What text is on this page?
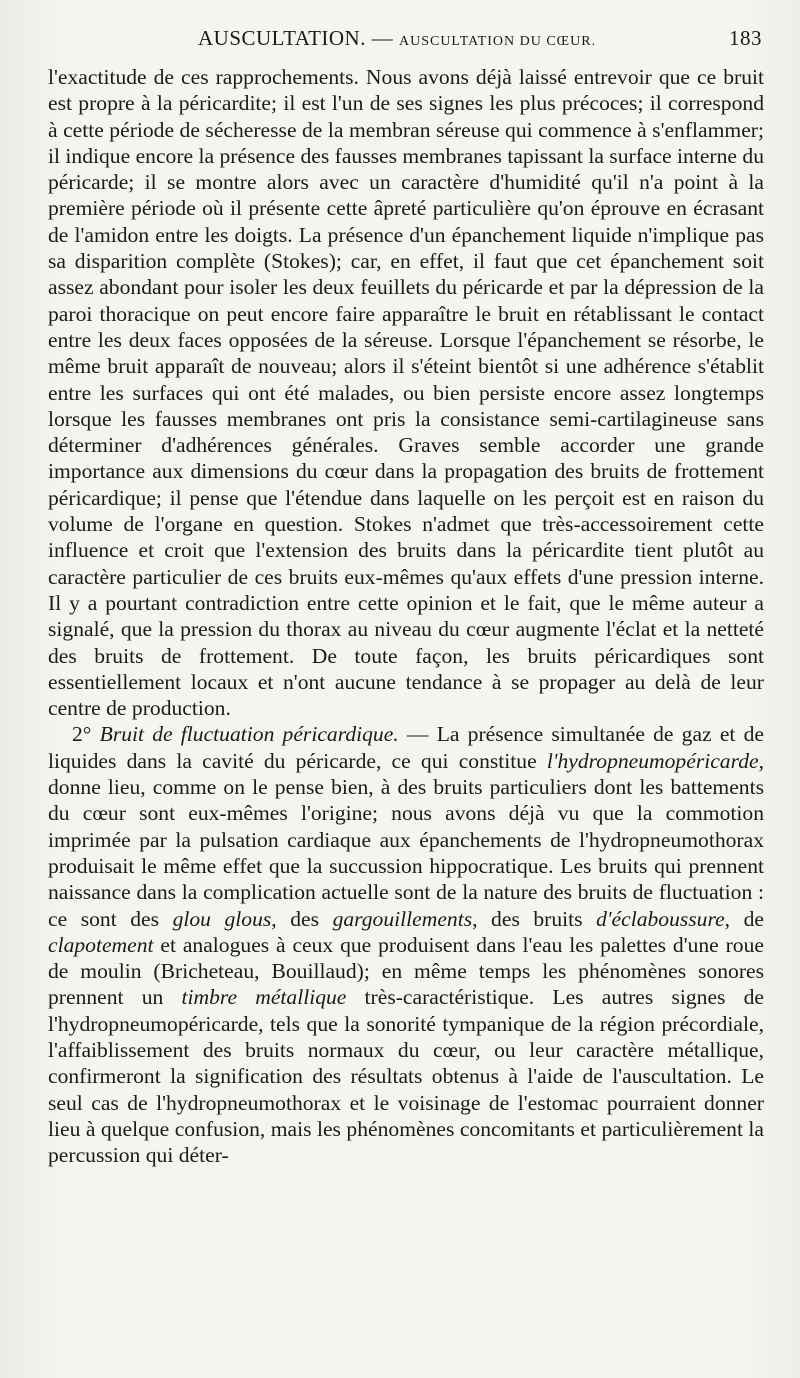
AUSCULTATION. — AUSCULTATION DU CŒUR.	183

l'exactitude de ces rapprochements. Nous avons déjà laissé entrevoir que ce bruit est propre à la péricardite; il est l'un de ses signes les plus précoces; il correspond à cette période de sécheresse de la membran séreuse qui commence à s'enflammer; il indique encore la présence des fausses membranes tapissant la surface interne du péricarde; il se montre alors avec un caractère d'humidité qu'il n'a point à la première période où il présente cette âpreté particulière qu'on éprouve en écrasant de l'amidon entre les doigts. La présence d'un épanchement liquide n'implique pas sa disparition complète (Stokes); car, en effet, il faut que cet épanchement soit assez abondant pour isoler les deux feuillets du péricarde et par la dépression de la paroi thoracique on peut encore faire apparaître le bruit en rétablissant le contact entre les deux faces opposées de la séreuse. Lorsque l'épanchement se résorbe, le même bruit apparaît de nouveau; alors il s'éteint bientôt si une adhérence s'établit entre les surfaces qui ont été malades, ou bien persiste encore assez longtemps lorsque les fausses membranes ont pris la consistance semi-cartilagineuse sans déterminer d'adhérences générales. Graves semble accorder une grande importance aux dimensions du cœur dans la propagation des bruits de frottement péricardique; il pense que l'étendue dans laquelle on les perçoit est en raison du volume de l'organe en question. Stokes n'admet que très-accessoirement cette influence et croit que l'extension des bruits dans la péricardite tient plutôt au caractère particulier de ces bruits eux-mêmes qu'aux effets d'une pression interne. Il y a pourtant contradiction entre cette opinion et le fait, que le même auteur a signalé, que la pression du thorax au niveau du cœur augmente l'éclat et la netteté des bruits de frottement. De toute façon, les bruits péricardiques sont essentiellement locaux et n'ont aucune tendance à se propager au delà de leur centre de production.

2° Bruit de fluctuation péricardique. — La présence simultanée de gaz et de liquides dans la cavité du péricarde, ce qui constitue l'hydropneumopéricarde, donne lieu, comme on le pense bien, à des bruits particuliers dont les battements du cœur sont eux-mêmes l'origine; nous avons déjà vu que la commotion imprimée par la pulsation cardiaque aux épanchements de l'hydropneumothorax produisait le même effet que la succussion hippocratique. Les bruits qui prennent naissance dans la complication actuelle sont de la nature des bruits de fluctuation : ce sont des glou glous, des gargouillements, des bruits d'éclaboussure, de clapotement et analogues à ceux que produisent dans l'eau les palettes d'une roue de moulin (Bricheteau, Bouillaud); en même temps les phénomènes sonores prennent un timbre métallique très-caractéristique. Les autres signes de l'hydropneumopéricarde, tels que la sonorité tympanique de la région précordiale, l'affaiblissement des bruits normaux du cœur, ou leur caractère métallique, confirmeront la signification des résultats obtenus à l'aide de l'auscultation. Le seul cas de l'hydropneumothorax et le voisinage de l'estomac pourraient donner lieu à quelque confusion, mais les phénomènes concomitants et particulièrement la percussion qui déter-
